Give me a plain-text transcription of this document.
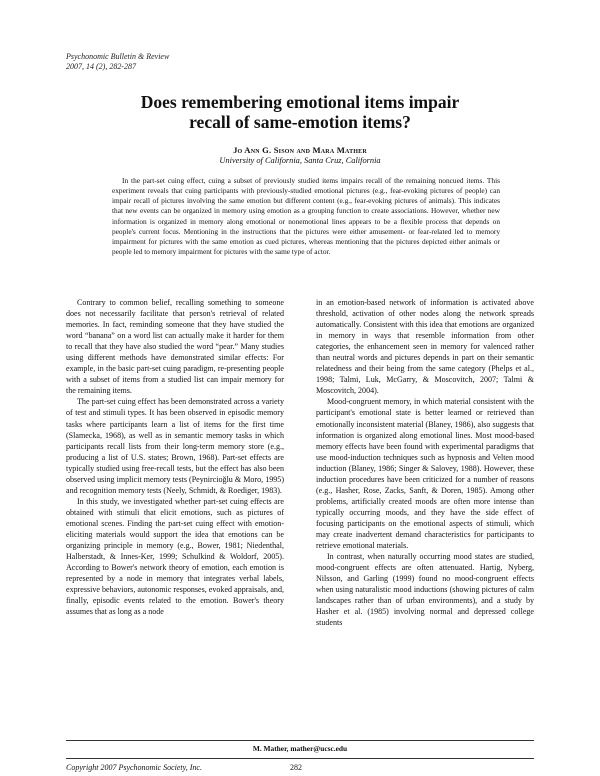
Psychonomic Bulletin & Review
2007, 14 (2), 282-287
Does remembering emotional items impair
recall of same-emotion items?
Jo Ann G. Sison and Mara Mather
University of California, Santa Cruz, California

In the part-set cuing effect, cuing a subset of previously studied items impairs recall of the remaining noncued items. This experiment reveals that cuing participants with previously-studied emotional pictures (e.g., fear-evoking pictures of people) can impair recall of pictures involving the same emotion but different content (e.g., fear-evoking pictures of animals). This indicates that new events can be organized in memory using emotion as a grouping function to create associations. However, whether new information is organized in memory along emotional or nonemotional lines appears to be a flexible process that depends on people's current focus. Mentioning in the instructions that the pictures were either amusement- or fear-related led to memory impairment for pictures with the same emotion as cued pictures, whereas mentioning that the pictures depicted either animals or people led to memory impairment for pictures with the same type of actor.

Contrary to common belief, recalling something to someone does not necessarily facilitate that person's retrieval of related memories. In fact, reminding someone that they have studied the word “banana” on a word list can actually make it harder for them to recall that they have also studied the word “pear.” Many studies using different methods have demonstrated similar effects: For example, in the basic part-set cuing paradigm, re-presenting people with a subset of items from a studied list can impair memory for the remaining items.

The part-set cuing effect has been demonstrated across a variety of test and stimuli types. It has been observed in episodic memory tasks where participants learn a list of items for the first time (Slamecka, 1968), as well as in semantic memory tasks in which participants recall lists from their long-term memory store (e.g., producing a list of U.S. states; Brown, 1968). Part-set effects are typically studied using free-recall tests, but the effect has also been observed using implicit memory tests (Peynircioğlu & Moro, 1995) and recognition memory tests (Neely, Schmidt, & Roediger, 1983).

In this study, we investigated whether part-set cuing effects are obtained with stimuli that elicit emotions, such as pictures of emotional scenes. Finding the part-set cuing effect with emotion-eliciting materials would support the idea that emotions can be organizing principle in memory (e.g., Bower, 1981; Niedenthal, Halberstadt, & Innes-Ker, 1999; Schulkind & Woldorf, 2005). According to Bower's network theory of emotion, each emotion is represented by a node in memory that integrates verbal labels, expressive behaviors, autonomic responses, evoked appraisals, and, finally, episodic events related to the emotion. Bower's theory assumes that as long as a node

in an emotion-based network of information is activated above threshold, activation of other nodes along the network spreads automatically. Consistent with this idea that emotions are organized in memory in ways that resemble information from other categories, the enhancement seen in memory for valenced rather than neutral words and pictures depends in part on their semantic relatedness and their being from the same category (Phelps et al., 1998; Talmi, Luk, McGarry, & Moscovitch, 2007; Talmi & Moscovitch, 2004).

Mood-congruent memory, in which material consistent with the participant's emotional state is better learned or retrieved than emotionally inconsistent material (Blaney, 1986), also suggests that information is organized along emotional lines. Most mood-based memory effects have been found with experimental paradigms that use mood-induction techniques such as hypnosis and Velten mood induction (Blaney, 1986; Singer & Salovey, 1988). However, these induction procedures have been criticized for a number of reasons (e.g., Hasher, Rose, Zacks, Sanft, & Doren, 1985). Among other problems, artificially created moods are often more intense than typically occurring moods, and they have the side effect of focusing participants on the emotional aspects of stimuli, which may create inadvertent demand characteristics for participants to retrieve emotional materials.

In contrast, when naturally occurring mood states are studied, mood-congruent effects are often attenuated. Hartig, Nyberg, Nilsson, and Garling (1999) found no mood-congruent effects when using naturalistic mood inductions (showing pictures of calm landscapes rather than of urban environments), and a study by Hasher et al. (1985) involving normal and depressed college students

M. Mather, mather@ucsc.edu
Copyright 2007 Psychonomic Society, Inc.	282
